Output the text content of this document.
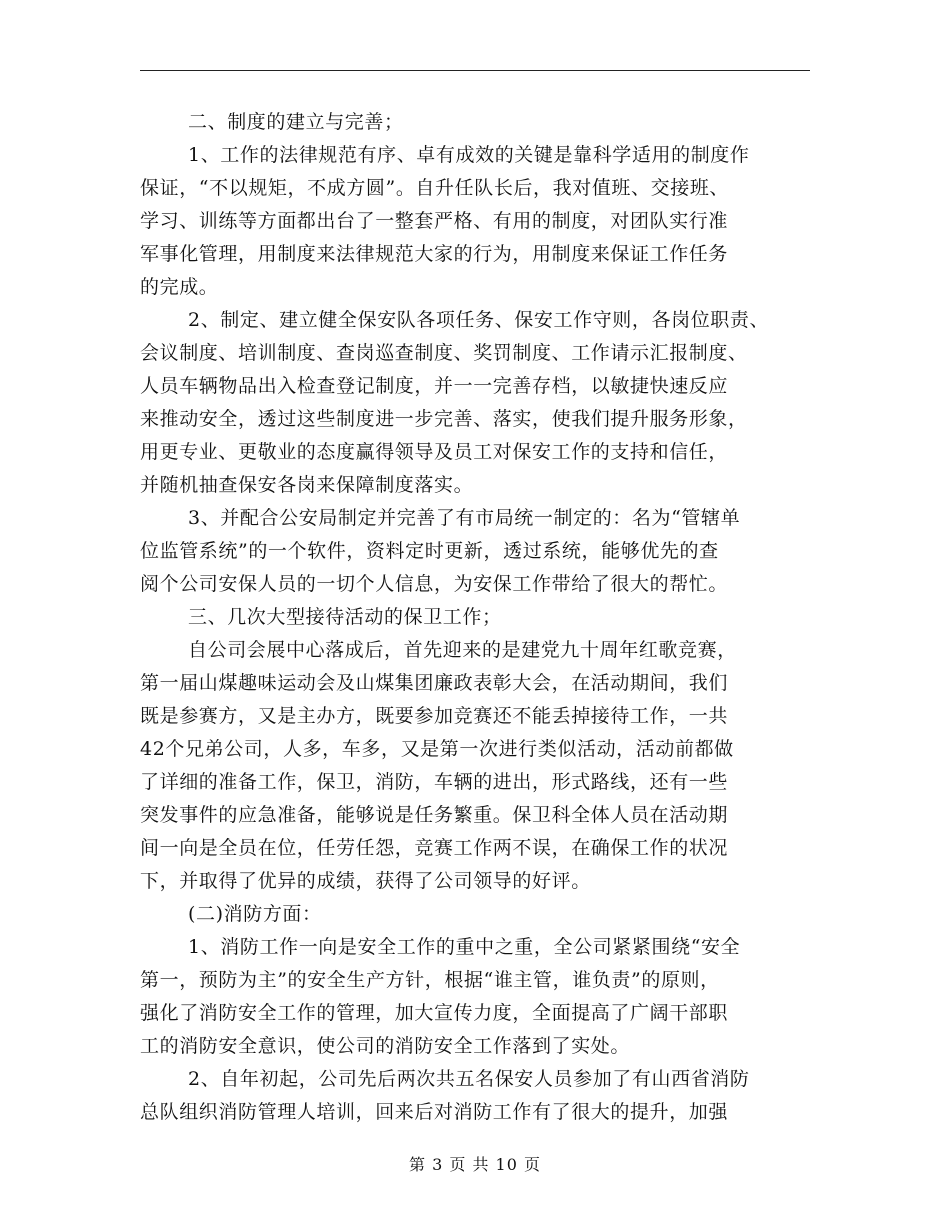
二、制度的建立与完善；
1、工作的法律规范有序、卓有成效的关键是靠科学适用的制度作
保证，“不以规矩，不成方圆”。自升任队长后，我对值班、交接班、
学习、训练等方面都出台了一整套严格、有用的制度，对团队实行准
军事化管理，用制度来法律规范大家的行为，用制度来保证工作任务
的完成。
2、制定、建立健全保安队各项任务、保安工作守则，各岗位职责、
会议制度、培训制度、查岗巡查制度、奖罚制度、工作请示汇报制度、
人员车辆物品出入检查登记制度，并一一完善存档，以敏捷快速反应
来推动安全，透过这些制度进一步完善、落实，使我们提升服务形象，
用更专业、更敬业的态度赢得领导及员工对保安工作的支持和信任，
并随机抽查保安各岗来保障制度落实。
3、并配合公安局制定并完善了有市局统一制定的：名为“管辖单
位监管系统”的一个软件，资料定时更新，透过系统，能够优先的查
阅个公司安保人员的一切个人信息，为安保工作带给了很大的帮忙。
三、几次大型接待活动的保卫工作；
自公司会展中心落成后，首先迎来的是建党九十周年红歌竞赛，
第一届山煤趣味运动会及山煤集团廉政表彰大会，在活动期间，我们
既是参赛方，又是主办方，既要参加竞赛还不能丢掉接待工作，一共
42个兄弟公司，人多，车多，又是第一次进行类似活动，活动前都做
了详细的准备工作，保卫，消防，车辆的进出，形式路线，还有一些
突发事件的应急准备，能够说是任务繁重。保卫科全体人员在活动期
间一向是全员在位，任劳任怨，竞赛工作两不误，在确保工作的状况
下，并取得了优异的成绩，获得了公司领导的好评。
(二)消防方面：
1、消防工作一向是安全工作的重中之重，全公司紧紧围绕“安全
第一，预防为主”的安全生产方针，根据“谁主管，谁负责”的原则，
强化了消防安全工作的管理，加大宣传力度，全面提高了广阔干部职
工的消防安全意识，使公司的消防安全工作落到了实处。
2、自年初起，公司先后两次共五名保安人员参加了有山西省消防
总队组织消防管理人培训，回来后对消防工作有了很大的提升，加强
第 3 页 共 10 页
